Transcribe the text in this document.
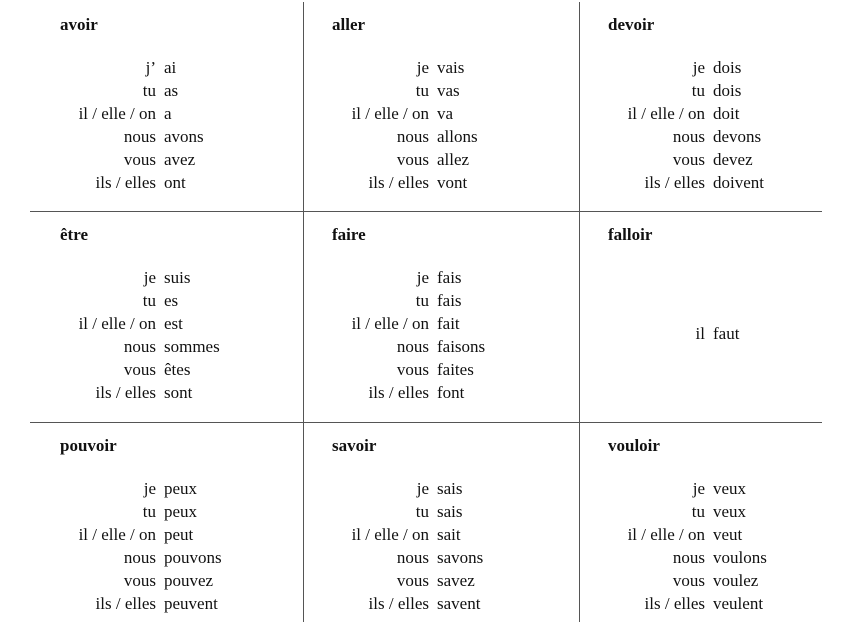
avoir
j’ ai
tu as
il / elle / on a
nous avons
vous avez
ils / elles ont
aller
je vais
tu vas
il / elle / on va
nous allons
vous allez
ils / elles vont
devoir
je dois
tu dois
il / elle / on doit
nous devons
vous devez
ils / elles doivent
être
je suis
tu es
il / elle / on est
nous sommes
vous êtes
ils / elles sont
faire
je fais
tu fais
il / elle / on fait
nous faisons
vous faites
ils / elles font
falloir
il faut
pouvoir
je peux
tu peux
il / elle / on peut
nous pouvons
vous pouvez
ils / elles peuvent
savoir
je sais
tu sais
il / elle / on sait
nous savons
vous savez
ils / elles savent
vouloir
je veux
tu veux
il / elle / on veut
nous voulons
vous voulez
ils / elles veulent
